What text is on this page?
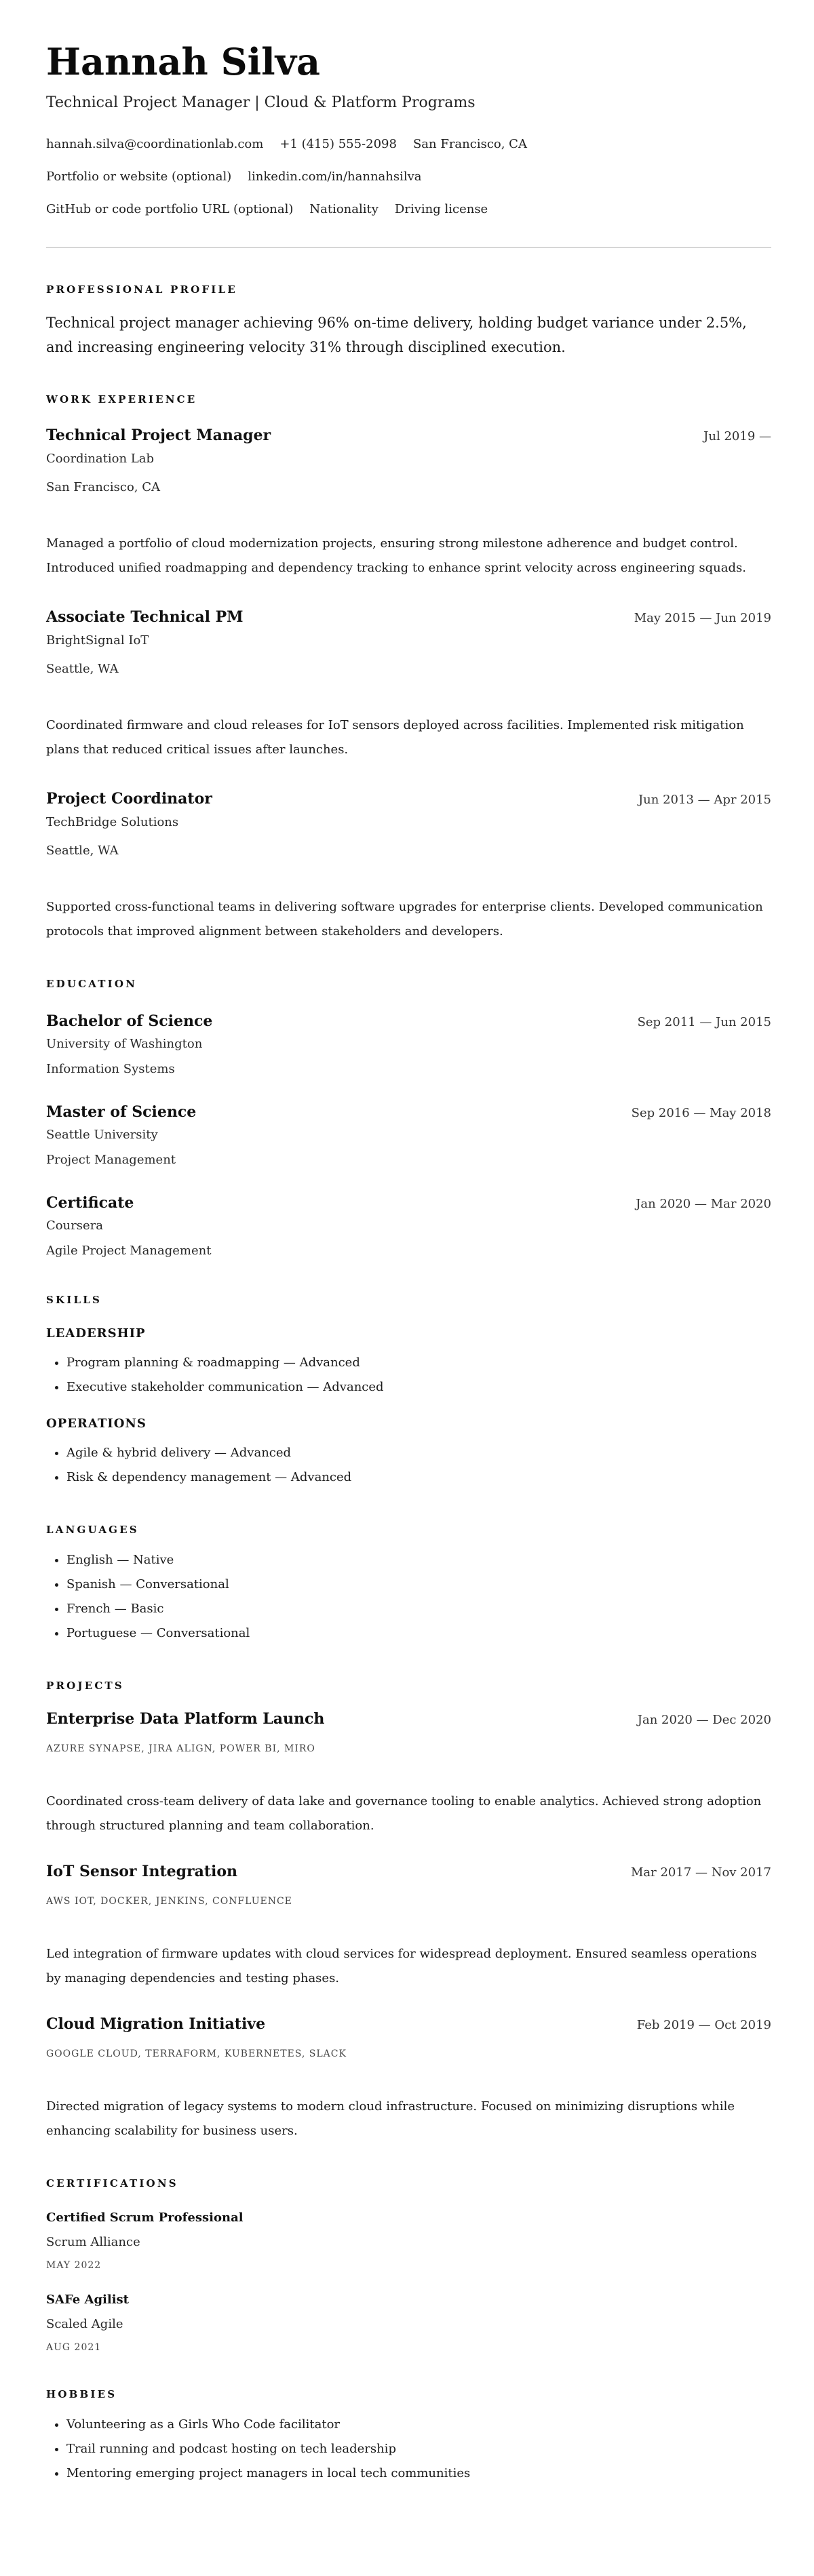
Hannah Silva
Technical Project Manager | Cloud & Platform Programs
hannah.silva@coordinationlab.com +1 (415) 555-2098 San Francisco, CA
Portfolio or website (optional) linkedin.com/in/hannahsilva
GitHub or code portfolio URL (optional) Nationality Driving license
PROFESSIONAL PROFILE

Technical project manager achieving 96% on-time delivery, holding budget variance under 2.5%, and increasing engineering velocity 31% through disciplined execution.

WORK EXPERIENCE
Technical Project Manager	Jul 2019 —
Coordination Lab
San Francisco, CA

Managed a portfolio of cloud modernization projects, ensuring strong milestone adherence and budget control. Introduced unified roadmapping and dependency tracking to enhance sprint velocity across engineering squads.

Associate Technical PM	May 2015 — Jun 2019
BrightSignal IoT
Seattle, WA

Coordinated firmware and cloud releases for IoT sensors deployed across facilities. Implemented risk mitigation plans that reduced critical issues after launches.

Project Coordinator	Jun 2013 — Apr 2015
TechBridge Solutions
Seattle, WA

Supported cross-functional teams in delivering software upgrades for enterprise clients. Developed communication protocols that improved alignment between stakeholders and developers.

EDUCATION
Bachelor of Science	Sep 2011 — Jun 2015
University of Washington
Information Systems
Master of Science	Sep 2016 — May 2018
Seattle University
Project Management
Certificate	Jan 2020 — Mar 2020
Coursera
Agile Project Management
SKILLS
LEADERSHIP
• Program planning & roadmapping — Advanced
• Executive stakeholder communication — Advanced
OPERATIONS
• Agile & hybrid delivery — Advanced
• Risk & dependency management — Advanced
LANGUAGES
• English — Native
• Spanish — Conversational
• French — Basic
• Portuguese — Conversational
PROJECTS
Enterprise Data Platform Launch	Jan 2020 — Dec 2020
AZURE SYNAPSE, JIRA ALIGN, POWER BI, MIRO

Coordinated cross-team delivery of data lake and governance tooling to enable analytics. Achieved strong adoption through structured planning and team collaboration.

IoT Sensor Integration	Mar 2017 — Nov 2017
AWS IOT, DOCKER, JENKINS, CONFLUENCE

Led integration of firmware updates with cloud services for widespread deployment. Ensured seamless operations by managing dependencies and testing phases.

Cloud Migration Initiative	Feb 2019 — Oct 2019
GOOGLE CLOUD, TERRAFORM, KUBERNETES, SLACK

Directed migration of legacy systems to modern cloud infrastructure. Focused on minimizing disruptions while enhancing scalability for business users.

CERTIFICATIONS
Certified Scrum Professional
Scrum Alliance
MAY 2022
SAFe Agilist
Scaled Agile
AUG 2021
HOBBIES
• Volunteering as a Girls Who Code facilitator
• Trail running and podcast hosting on tech leadership
• Mentoring emerging project managers in local tech communities
